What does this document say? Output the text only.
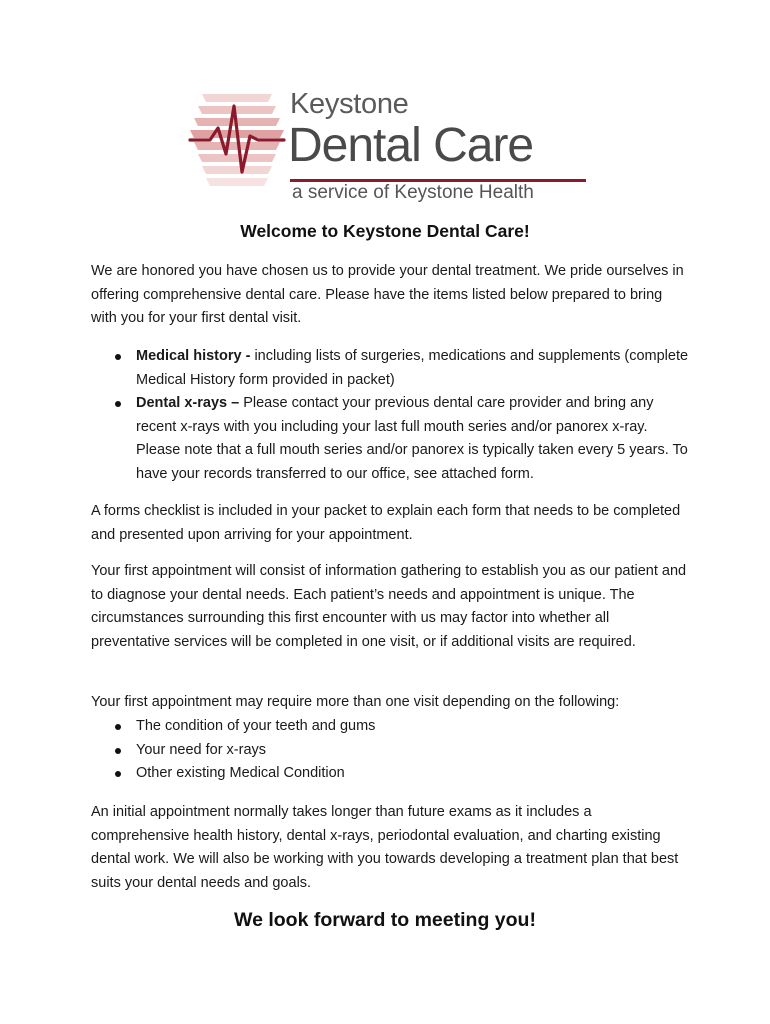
Keystone
Dental Care
a service of Keystone Health
Welcome to Keystone Dental Care!

We are honored you have chosen us to provide your dental treatment. We pride ourselves in offering comprehensive dental care. Please have the items listed below prepared to bring with you for your first dental visit.

Medical history - including lists of surgeries, medications and supplements (complete Medical History form provided in packet)
Dental x-rays – Please contact your previous dental care provider and bring any recent x-rays with you including your last full mouth series and/or panorex x-ray. Please note that a full mouth series and/or panorex is typically taken every 5 years. To have your records transferred to our office, see attached form.

A forms checklist is included in your packet to explain each form that needs to be completed and presented upon arriving for your appointment.

Your first appointment will consist of information gathering to establish you as our patient and to diagnose your dental needs. Each patient’s needs and appointment is unique. The circumstances surrounding this first encounter with us may factor into whether all preventative services will be completed in one visit, or if additional visits are required.

Your first appointment may require more than one visit depending on the following:

The condition of your teeth and gums
Your need for x-rays
Other existing Medical Condition

An initial appointment normally takes longer than future exams as it includes a comprehensive health history, dental x-rays, periodontal evaluation, and charting existing dental work. We will also be working with you towards developing a treatment plan that best suits your dental needs and goals.

We look forward to meeting you!
